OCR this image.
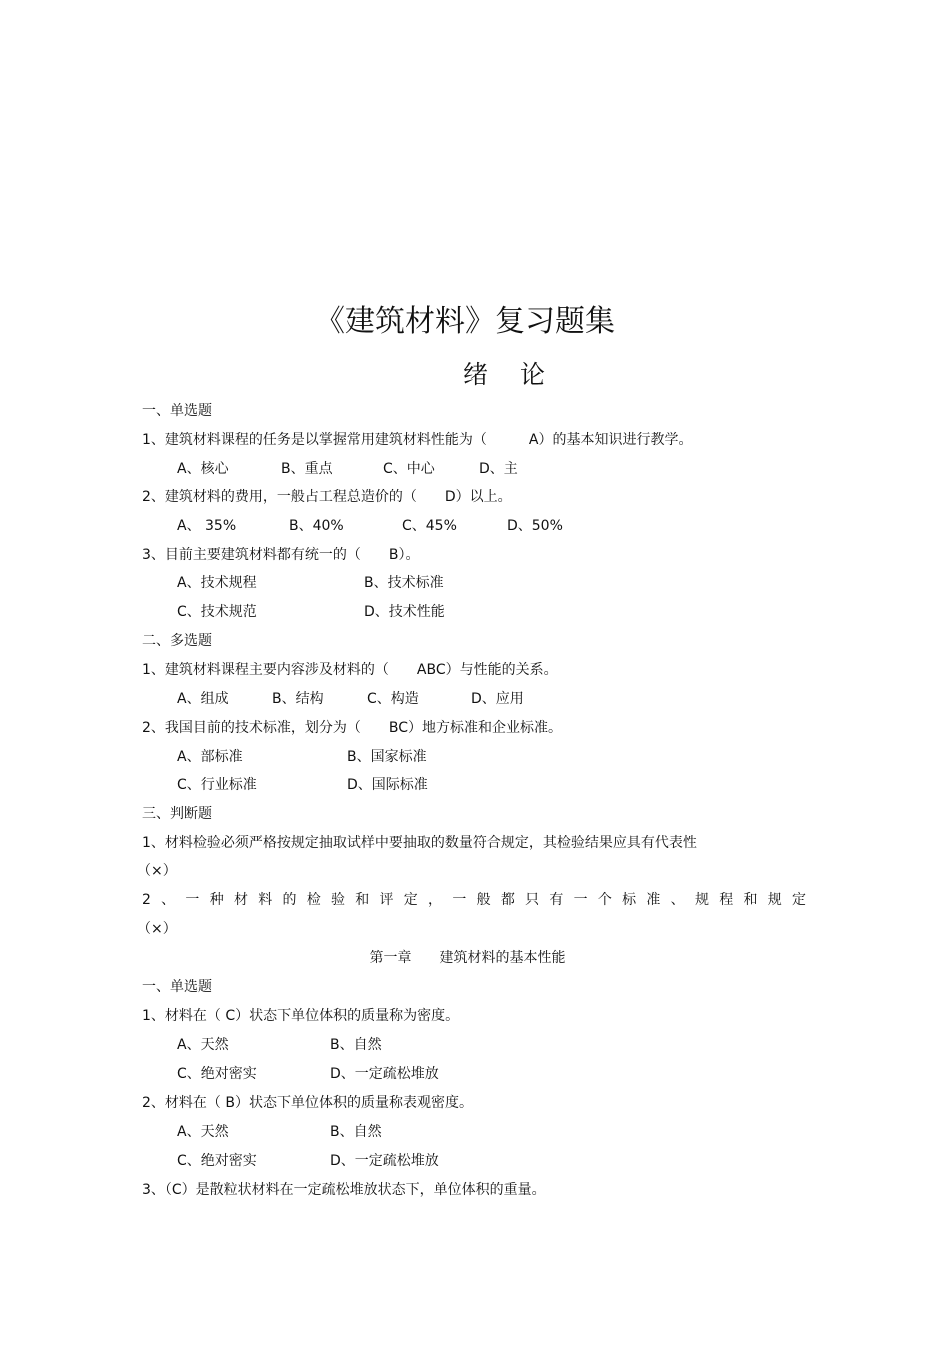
《建筑材料》复习题集
绪 论
一、单选题
1、建筑材料课程的任务是以掌握常用建筑材料性能为（　　　A）的基本知识进行教学。
A、核心	B、重点	C、中心	D、主
2、建筑材料的费用，一般占工程总造价的（　　D）以上。
A、 35%	B、40%	C、45%	D、50%
3、目前主要建筑材料都有统一的（　　B）。
A、技术规程	B、技术标准
C、技术规范	D、技术性能
二、多选题
1、建筑材料课程主要内容涉及材料的（　　ABC）与性能的关系。
A、组成	B、结构	C、构造	D、应用
2、我国目前的技术标准，划分为（　　BC）地方标准和企业标准。
A、部标准	B、国家标准
C、行业标准	D、国际标准
三、判断题
1、材料检验必须严格按规定抽取试样中要抽取的数量符合规定，其检验结果应具有代表性
（×）
2、一种材料的检验和评定，一般都只有一个标准、规程和规定
（×）
第一章　　建筑材料的基本性能
一、单选题
1、材料在（ C）状态下单位体积的质量称为密度。
A、天然	B、自然
C、绝对密实	D、一定疏松堆放
2、材料在（ B）状态下单位体积的质量称表观密度。
A、天然	B、自然
C、绝对密实	D、一定疏松堆放
3、（C）是散粒状材料在一定疏松堆放状态下，单位体积的重量。
